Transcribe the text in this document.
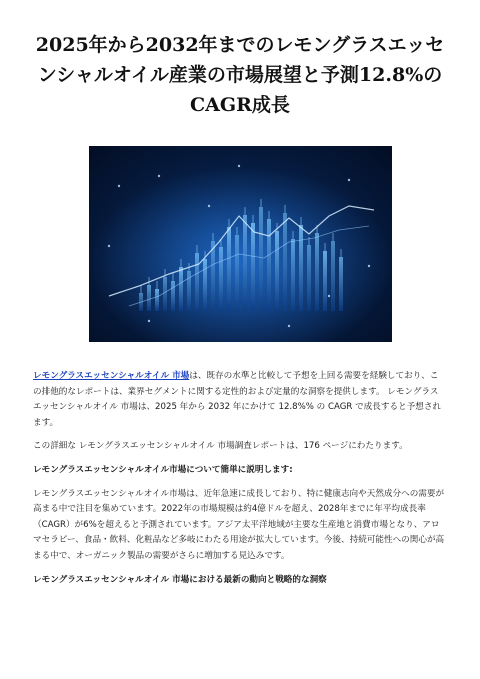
2025年から2032年までのレモングラスエッセンシャルオイル産業の市場展望と予測12.8%のCAGR成長

レモングラスエッセンシャルオイル 市場は、既存の水準と比較して予想を上回る需要を経験しており、この排他的なレポートは、業界セグメントに関する定性的および定量的な洞察を提供します。 レモングラスエッセンシャルオイル 市場は、2025 年から 2032 年にかけて 12.8%% の CAGR で成長すると予想されます。

この詳細な レモングラスエッセンシャルオイル 市場調査レポートは、176 ページにわたります。

レモングラスエッセンシャルオイル市場について簡単に説明します:

レモングラスエッセンシャルオイル市場は、近年急速に成長しており、特に健康志向や天然成分への需要が高まる中で注目を集めています。2022年の市場規模は約4億ドルを超え、2028年までに年平均成長率（CAGR）が6%を超えると予測されています。アジア太平洋地域が主要な生産地と消費市場となり、アロマセラピー、食品・飲料、化粧品など多岐にわたる用途が拡大しています。今後、持続可能性への関心が高まる中で、オーガニック製品の需要がさらに増加する見込みです。

レモングラスエッセンシャルオイル 市場における最新の動向と戦略的な洞察
